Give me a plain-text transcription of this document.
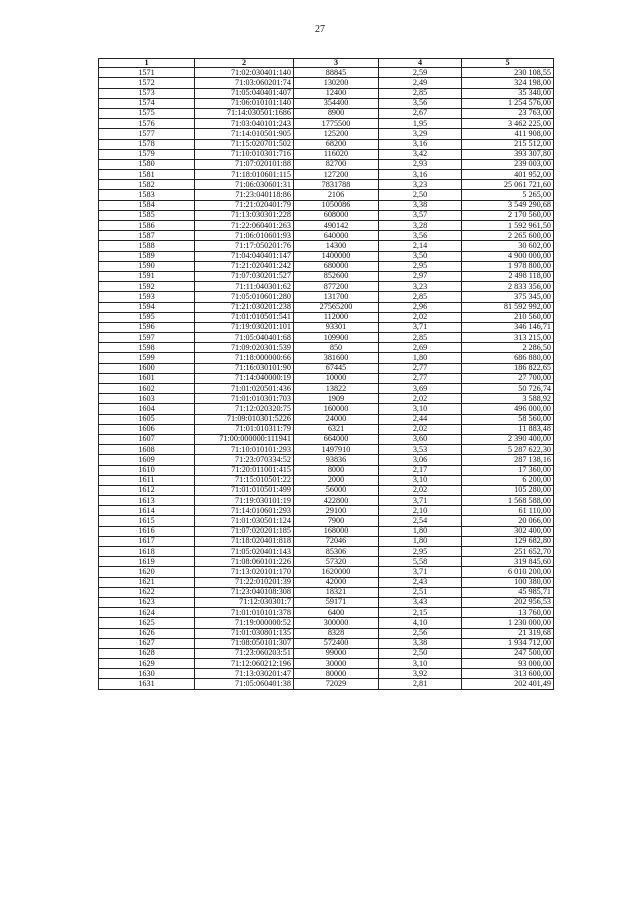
27
1	2	3	4	5
1571	71:02:030401:140	88845	2,59	230 108,55
1572	71:03:060201:74	130200	2,49	324 198,00
1573	71:05:040401:407	12400	2,85	35 340,00
1574	71:06:010101:140	354400	3,56	1 254 576,00
1575	71:14:030501:1686	8900	2,67	23 763,00
1576	71:03:040101:243	1775500	1,95	3 462 225,00
1577	71:14:010501:905	125200	3,29	411 908,00
1578	71:15:020701:502	68200	3,16	215 512,00
1579	71:10:010301:716	116020	3,42	393 307,80
1580	71:07:020101:88	82700	2,93	239 003,00
1581	71:18:010601:115	127200	3,16	401 952,00
1582	71:06:030601:31	7831788	3,23	25 061 721,60
1583	71:23:040118:86	2106	2,50	5 265,00
1584	71:21:020401:79	1050086	3,38	3 549 290,68
1585	71:13:030301:228	608000	3,57	2 170 560,00
1586	71:22:060401:263	490142	3,28	1 592 961,50
1587	71:06:010601:93	640000	3,56	2 265 600,00
1588	71:17:050201:76	14300	2,14	30 602,00
1589	71:04:040401:147	1400000	3,50	4 900 000,00
1590	71:21:020401:242	680000	2,95	1 978 800,00
1591	71:07:030201:527	852600	2,97	2 498 118,00
1592	71:11:040301:62	877200	3,23	2 833 356,00
1593	71:05:010601:280	131700	2,85	375 345,00
1594	71:21:030201:238	27565200	2,96	81 592 992,00
1595	71:01:010501:541	112000	2,02	210 560,00
1596	71:19:030201:101	93301	3,71	346 146,71
1597	71:05:040401:68	109900	2,85	313 215,00
1598	71:09:020301:539	850	2,69	2 286,50
1599	71:18:000000:66	381600	1,80	686 880,00
1600	71:16:030101:90	67445	2,77	186 822,65
1601	71:14:040000:19	10000	2,77	27 700,00
1602	71:01:020501:436	13822	3,69	50 726,74
1603	71:01:010301:703	1909	2,02	3 588,92
1604	71:12:020320:75	160000	3,10	496 000,00
1605	71:09:010301:5226	24000	2,44	58 560,00
1606	71:01:010311:79	6321	2,02	11 883,48
1607	71:00:000000:111941	664000	3,60	2 390 400,00
1608	71:10:010101:293	1497910	3,53	5 287 622,30
1609	71:23:070334:52	93836	3,06	287 138,16
1610	71:20:011001:415	8000	2,17	17 360,00
1611	71:15:010501:22	2000	3,10	6 200,00
1612	71:01:010501:499	56000	2,02	105 280,00
1613	71:19:030101:19	422800	3,71	1 568 588,00
1614	71:14:010601:293	29100	2,10	61 110,00
1615	71:01:030501:124	7900	2,54	20 066,00
1616	71:07:020201:185	168000	1,80	302 400,00
1617	71:18:020401:818	72046	1,80	129 682,80
1618	71:05:020401:143	85306	2,95	251 652,70
1619	71:08:060101:226	57320	5,58	319 845,60
1620	71:13:020101:170	1620000	3,71	6 010 200,00
1621	71:22:010201:39	42000	2,43	100 380,00
1622	71:23:040108:308	18321	2,51	45 985,71
1623	71:12:030301:7	59171	3,43	202 956,53
1624	71:01:010101:378	6400	2,15	13 760,00
1625	71:19:000000:52	300000	4,10	1 230 000,00
1626	71:01:030801:135	8328	2,56	21 319,68
1627	71:08:050101:307	572400	3,38	1 934 712,00
1628	71:23:060203:51	99000	2,50	247 500,00
1629	71:12:060212:196	30000	3,10	93 000,00
1630	71:13:030201:47	80000	3,92	313 600,00
1631	71:05:060401:38	72029	2,81	202 401,49
